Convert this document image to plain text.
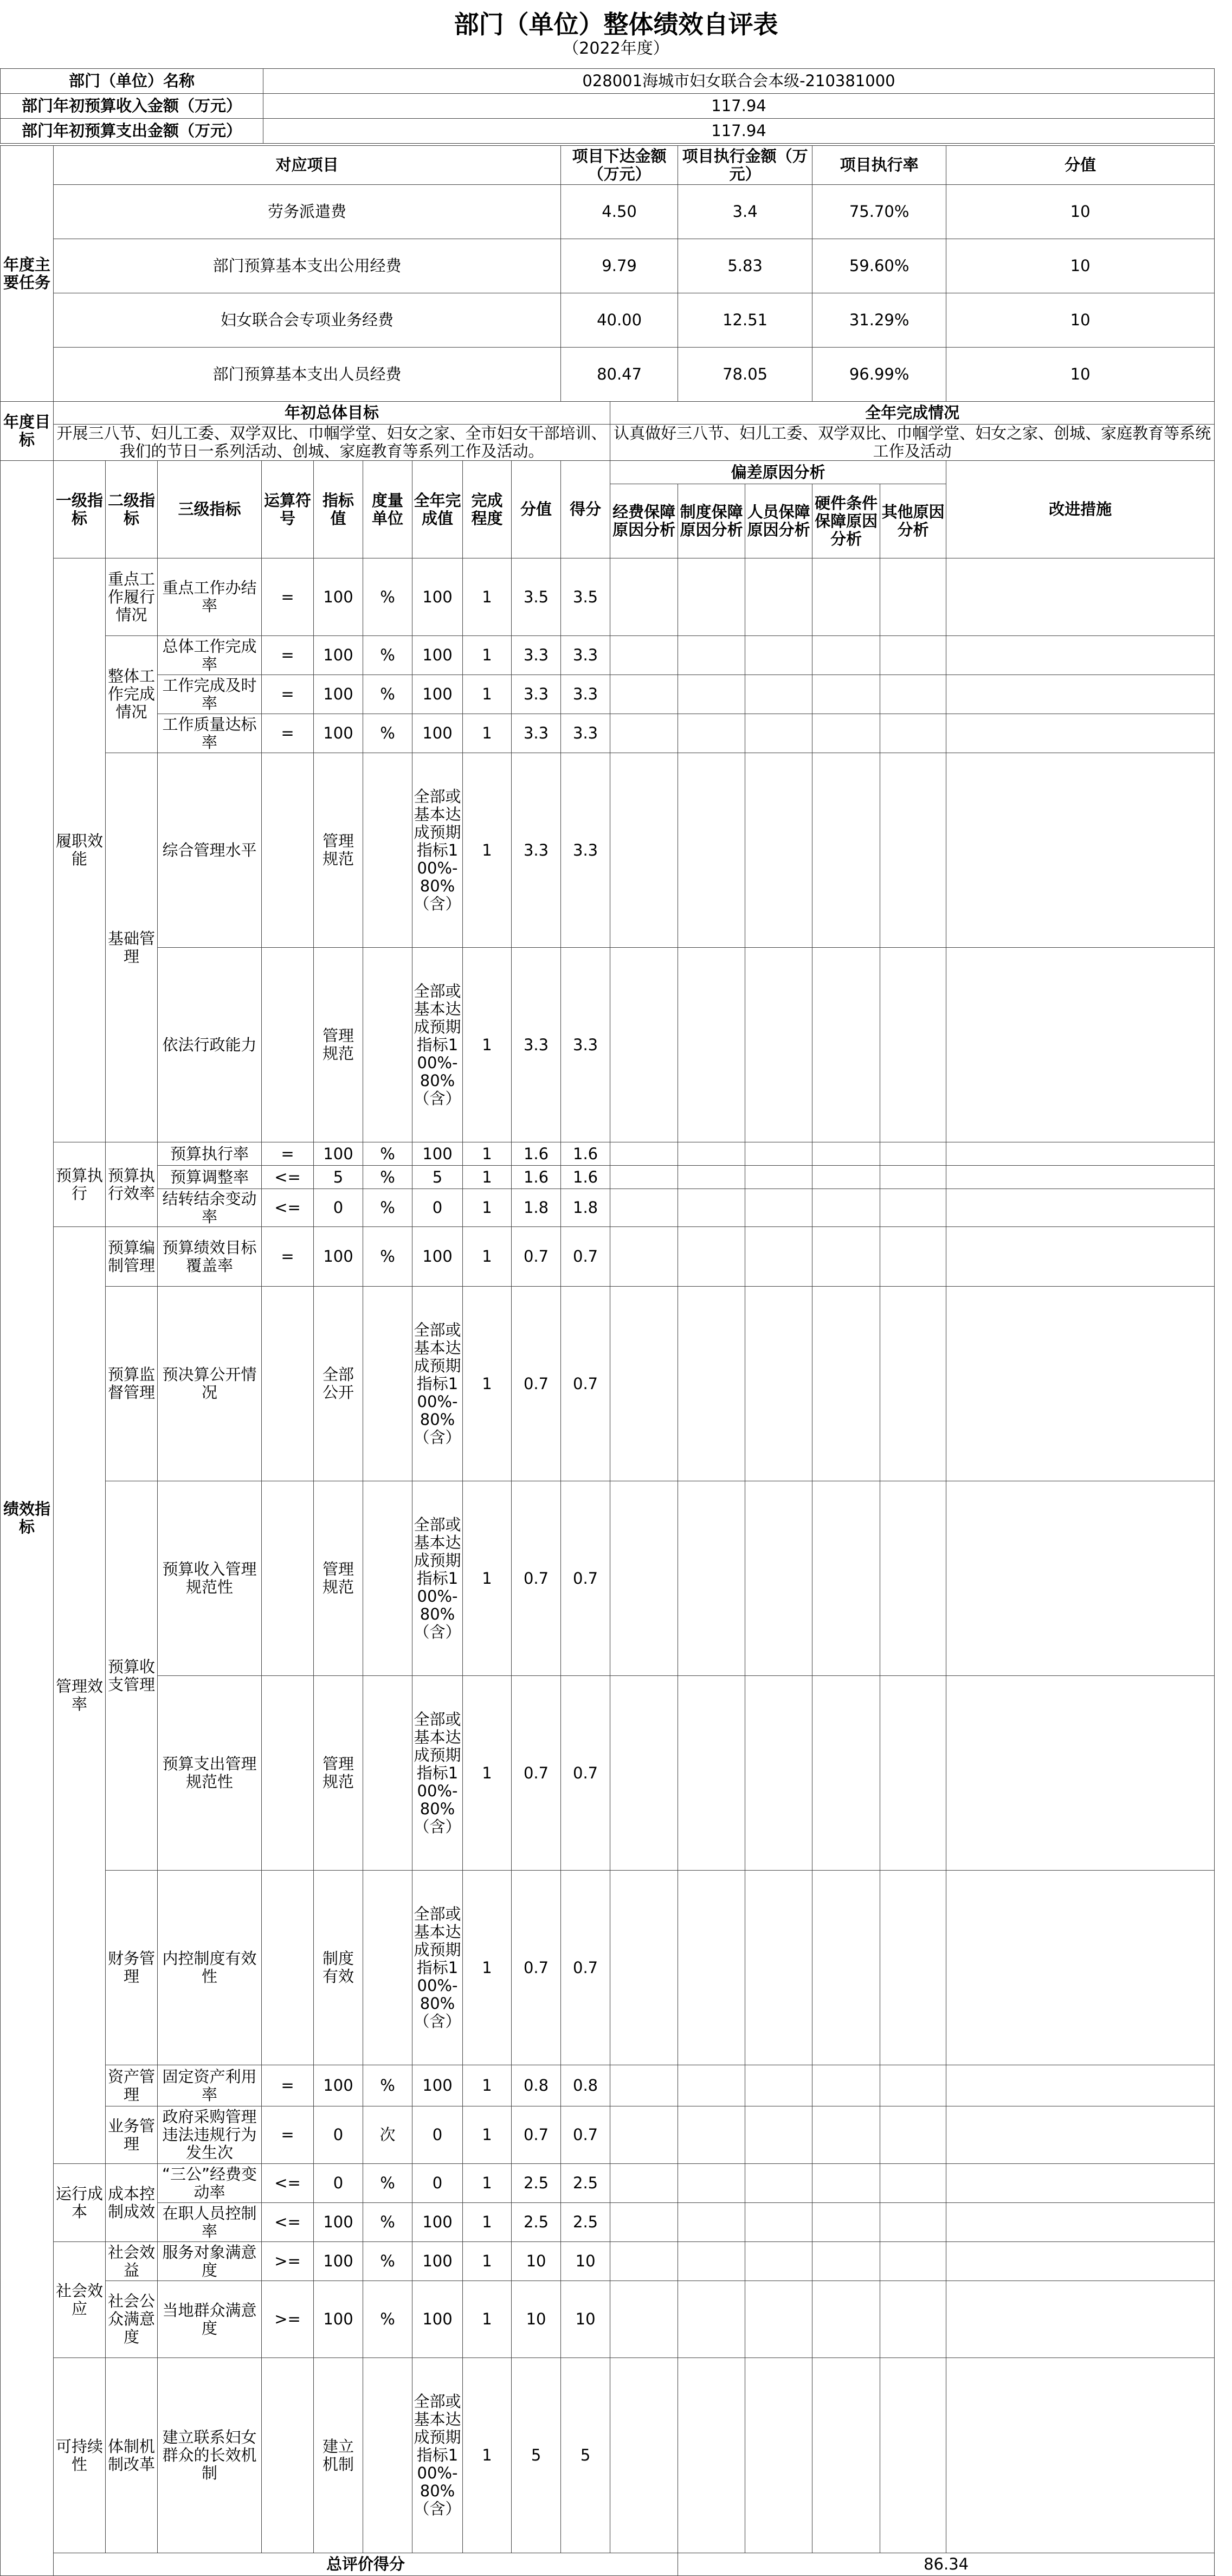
部门（单位）整体绩效自评表
（2022年度）
部门（单位）名称	028001海城市妇女联合会本级-210381000
部门年初预算收入金额（万元）	117.94
部门年初预算支出金额（万元）	117.94
年度主要任务	对应项目									项目下达金额（万元）		项目执行金额（万元）		项目执行率		分值	
	劳务派遣费									4.50		3.4		75.70%		10	
	部门预算基本支出公用经费									9.79		5.83		59.60%		10	
	妇女联合会专项业务经费									40.00		12.51		31.29%		10	
	部门预算基本支出人员经费									80.47		78.05		96.99%		10	
年度目标	年初总体目标										全年完成情况						
	开展三八节、妇儿工委、双学双比、巾帼学堂、妇女之家、全市妇女干部培训、我们的节日一系列活动、创城、家庭教育等系列工作及活动。										认真做好三八节、妇儿工委、双学双比、巾帼学堂、妇女之家、创城、家庭教育等系统工作及活动						
绩效指标	一级指标	二级指标	三级指标	运算符号	指标值	度量单位	全年完成值	完成程度	分值	得分	偏差原因分析					改进措施	
											经费保障原因分析	制度保障原因分析	人员保障原因分析	硬件条件保障原因分析	其他原因分析		
	履职效能	重点工作履行情况	重点工作办结率	=	100	%	100	1	3.5	3.5							
		整体工作完成情况	总体工作完成率	=	100	%	100	1	3.3	3.3							
			工作完成及时率	=	100	%	100	1	3.3	3.3							
			工作质量达标率	=	100	%	100	1	3.3	3.3							
		基础管理	综合管理水平		管理规范		全部或基本达成预期指标100%-80%（含）	1	3.3	3.3							
			依法行政能力		管理规范		全部或基本达成预期指标100%-80%（含）	1	3.3	3.3							
	预算执行	预算执行效率	预算执行率	=	100	%	100	1	1.6	1.6							
			预算调整率	<=	5	%	5	1	1.6	1.6							
			结转结余变动率	<=	0	%	0	1	1.8	1.8							
	管理效率	预算编制管理	预算绩效目标覆盖率	=	100	%	100	1	0.7	0.7							
		预算监督管理	预决算公开情况		全部公开		全部或基本达成预期指标100%-80%（含）	1	0.7	0.7							
		预算收支管理	预算收入管理规范性		管理规范		全部或基本达成预期指标100%-80%（含）	1	0.7	0.7							
			预算支出管理规范性		管理规范		全部或基本达成预期指标100%-80%（含）	1	0.7	0.7							
		财务管理	内控制度有效性		制度有效		全部或基本达成预期指标100%-80%（含）	1	0.7	0.7							
		资产管理	固定资产利用率	=	100	%	100	1	0.8	0.8							
		业务管理	政府采购管理违法违规行为发生次	=	0	次	0	1	0.7	0.7							
	运行成本	成本控制成效	“三公”经费变动率	<=	0	%	0	1	2.5	2.5							
			在职人员控制率	<=	100	%	100	1	2.5	2.5							
	社会效应	社会效益	服务对象满意度	>=	100	%	100	1	10	10							
		社会公众满意度	当地群众满意度	>=	100	%	100	1	10	10							
	可持续性	体制机制改革	建立联系妇女群众的长效机制		建立机制		全部或基本达成预期指标100%-80%（含）	1	5	5							
	总评价得分											86.34					
